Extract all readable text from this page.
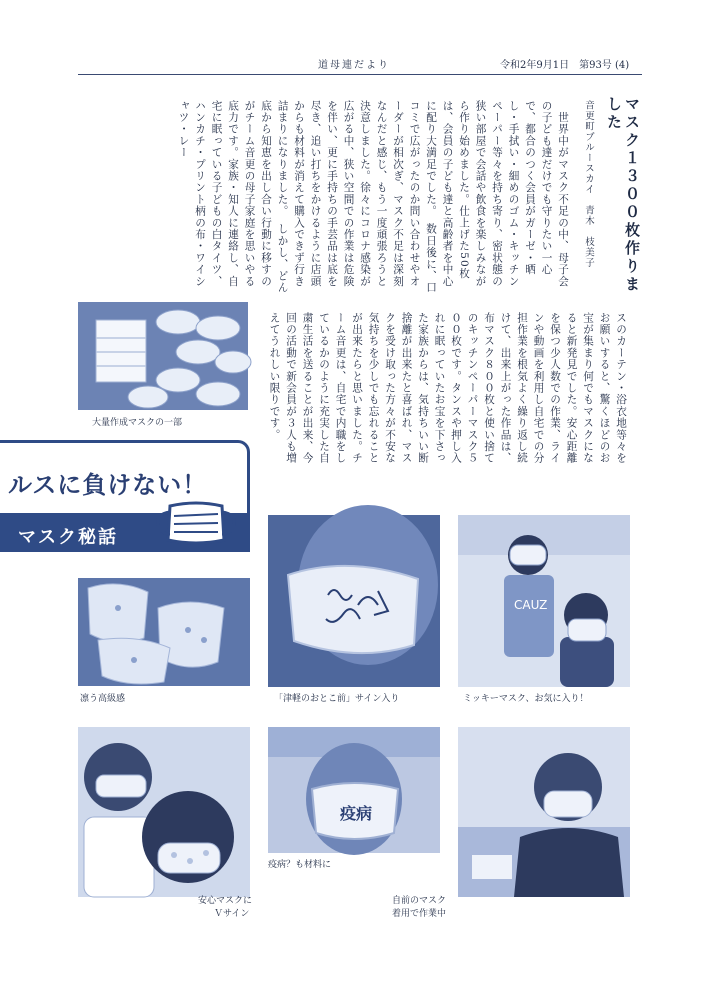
道母連だより	令和2年9月1日　第93号 (4)
マスク１３００枚作りました
音更町ブルースカイ　青木　枝美子
　世界中がマスク不足の中、母子会の子ども達だけでも守りたい一心で、都合のつく会員がガーゼ・晒し・手拭い・細めのゴム・キッチンペーパー等々を持ち寄り、密状態の狭い部屋で会話や飲食を楽しみながら作り始めました。仕上げた50枚は、会員の子ども達と高齢者を中心に配り大満足でした。　数日後に、口コミで広がったのか問い合わせやオーダーが相次ぎ、マスク不足は深刻なんだと感じ、もう一度頑張ろうと決意しました。徐々にコロナ感染が広がる中、狭い空間での作業は危険を伴い、更に手持ちの手芸品は底を尽き、追い打ちをかけるように店頭からも材料が消えて購入できず行き詰まりになりました。　しかし、どん底から知恵を出し合い行動に移すのがチーム音更の母子家庭を思いやる底力です。家族・知人に連絡し、自宅に眠っている子どもの白タイツ、ハンカチ・プリント柄の布・ワイシャツ・レー
大量作成マスクの一部	スのカーテン・浴衣地等々をお願いすると、驚くほどのお宝が集まり何でもマスクになると新発見でした。安心距離を保つ少人数での作業、ラインや動画を利用し自宅での分担作業を根気よく繰り返し続けて、出来上がった作品は、布マスク８００枚と使い捨てのキッチンペーパーマスク５００枚です。タンスや押し入れに眠っていたお宝を下さった家族からは、気持ちいい断捨離が出来たと喜ばれ、マスクを受け取った方々が不安な気持ちを少しでも忘れることが出来たらと思いました。チーム音更は、自宅で内職をしているかのように充実した自粛生活を送ることが出来、今回の活動で新会員が３人も増えてうれしい限りです。
ルスに負けない！
マスク秘話
凛う高級感	「津軽のおとこ前」サイン入り
CAUZ
ミッキーマスク、お気に入り！
安心マスクに
Ｖサイン
疫病
疫病？も材料に
自前のマスク
着用で作業中
